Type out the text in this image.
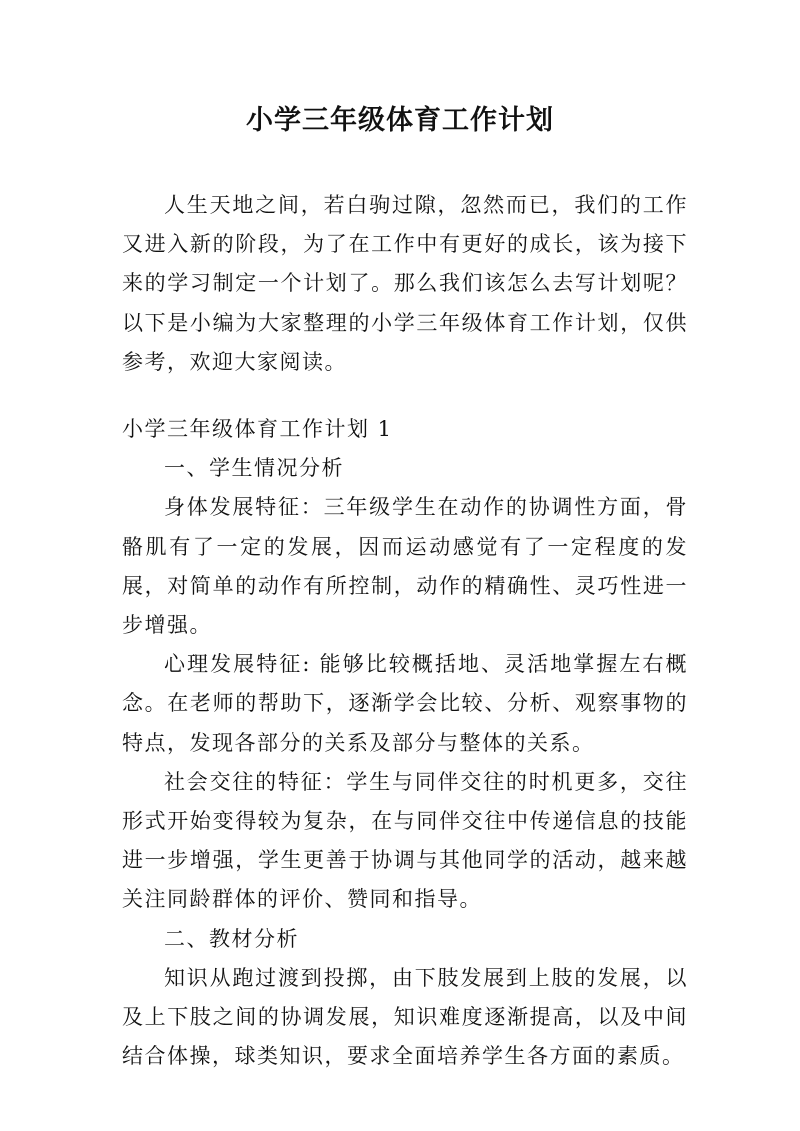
小学三年级体育工作计划

人生天地之间，若白驹过隙，忽然而已，我们的工作又进入新的阶段，为了在工作中有更好的成长，该为接下来的学习制定一个计划了。那么我们该怎么去写计划呢？以下是小编为大家整理的小学三年级体育工作计划，仅供参考，欢迎大家阅读。

小学三年级体育工作计划 1

一、学生情况分析

身体发展特征：三年级学生在动作的协调性方面，骨骼肌有了一定的发展，因而运动感觉有了一定程度的发展，对简单的动作有所控制，动作的精确性、灵巧性进一步增强。

心理发展特征: 能够比较概括地、灵活地掌握左右概念。在老师的帮助下，逐渐学会比较、分析、观察事物的特点，发现各部分的关系及部分与整体的关系。

社会交往的特征：学生与同伴交往的时机更多，交往形式开始变得较为复杂，在与同伴交往中传递信息的技能进一步增强，学生更善于协调与其他同学的活动，越来越关注同龄群体的评价、赞同和指导。

二、教材分析

知识从跑过渡到投掷，由下肢发展到上肢的发展，以及上下肢之间的协调发展，知识难度逐渐提高，以及中间结合体操，球类知识，要求全面培养学生各方面的素质。
